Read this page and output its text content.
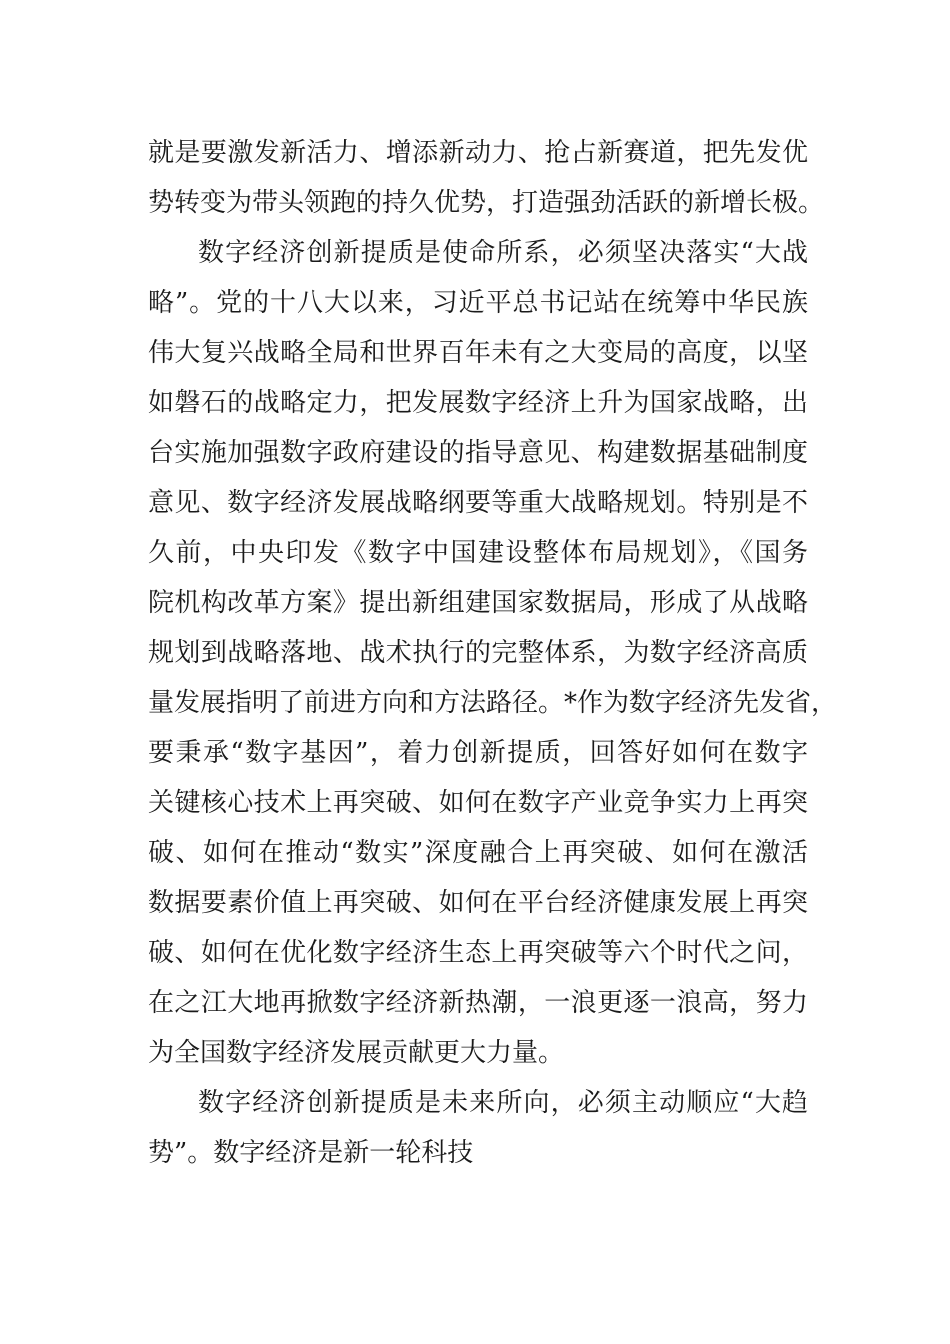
就是要激发新活力、增添新动力、抢占新赛道，把先发优
势转变为带头领跑的持久优势，打造强劲活跃的新增长极。
数字经济创新提质是使命所系，必须坚决落实“大战
略”。党的十八大以来，习近平总书记站在统筹中华民族
伟大复兴战略全局和世界百年未有之大变局的高度，以坚
如磐石的战略定力，把发展数字经济上升为国家战略，出
台实施加强数字政府建设的指导意见、构建数据基础制度
意见、数字经济发展战略纲要等重大战略规划。特别是不
久前，中央印发《数字中国建设整体布局规划》，《国务
院机构改革方案》提出新组建国家数据局，形成了从战略
规划到战略落地、战术执行的完整体系，为数字经济高质
量发展指明了前进方向和方法路径。*作为数字经济先发省，
要秉承“数字基因”，着力创新提质，回答好如何在数字
关键核心技术上再突破、如何在数字产业竞争实力上再突
破、如何在推动“数实”深度融合上再突破、如何在激活
数据要素价值上再突破、如何在平台经济健康发展上再突
破、如何在优化数字经济生态上再突破等六个时代之问，
在之江大地再掀数字经济新热潮，一浪更逐一浪高，努力
为全国数字经济发展贡献更大力量。
数字经济创新提质是未来所向，必须主动顺应“大趋
势”。数字经济是新一轮科技
